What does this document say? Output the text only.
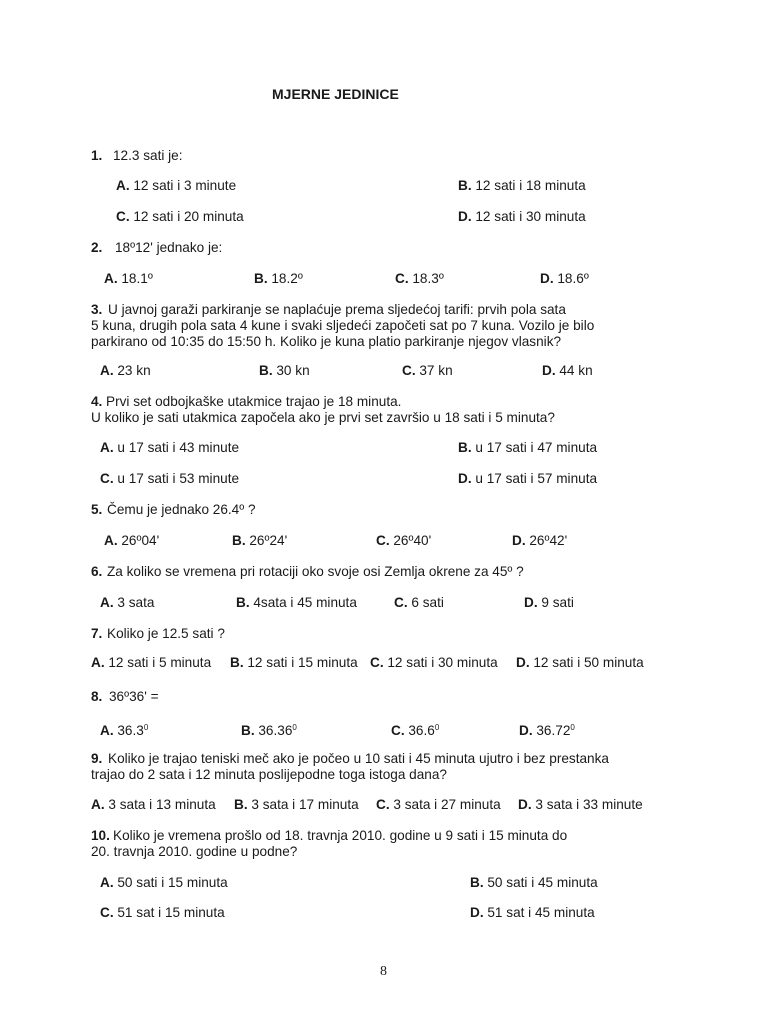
MJERNE JEDINICE
8
1. 12.3 sati je:
A. 12 sati i 3 minute	B. 12 sati i 18 minuta
C. 12 sati i 20 minuta	D. 12 sati i 30 minuta
2. 18º12' jednako je:
A. 18.1º	B. 18.2º	C. 18.3º	D. 18.6º
3. U javnoj garaži parkiranje se naplaćuje prema sljedećoj tarifi: prvih pola sata
5 kuna, drugih pola sata 4 kune i svaki sljedeći započeti sat po 7 kuna. Vozilo je bilo
parkirano od 10:35 do 15:50 h. Koliko je kuna platio parkiranje njegov vlasnik?
A. 23 kn	B. 30 kn	C. 37 kn	D. 44 kn
4. Prvi set odbojkaške utakmice trajao je 18 minuta.
U koliko je sati utakmica započela ako je prvi set završio u 18 sati i 5 minuta?
A. u 17 sati i 43 minute	B. u 17 sati i 47 minuta
C. u 17 sati i 53 minute	D. u 17 sati i 57 minuta
5. Čemu je jednako 26.4º ?
A. 26º04'	B. 26º24'	C. 26º40'	D. 26º42'
6. Za koliko se vremena pri rotaciji oko svoje osi Zemlja okrene za 45º ?
A. 3 sata	B. 4sata i 45 minuta	C. 6 sati	D. 9 sati
7. Koliko je 12.5 sati ?
A. 12 sati i 5 minuta B. 12 sati i 15 minuta C. 12 sati i 30 minuta D. 12 sati i 50 minuta
8. 36º36' =
A. 36.3$^0$	B. 36.36$^0$	C. 36.6$^0$	D. 36.72$^0$
9. Koliko je trajao teniski meč ako je počeo u 10 sati i 45 minuta ujutro i bez prestanka
trajao do 2 sata i 12 minuta poslijepodne toga istoga dana?
A. 3 sata i 13 minuta B. 3 sata i 17 minuta C. 3 sata i 27 minuta D. 3 sata i 33 minute
10. Koliko je vremena prošlo od 18. travnja 2010. godine u 9 sati i 15 minuta do
20. travnja 2010. godine u podne?
A. 50 sati i 15 minuta	B. 50 sati i 45 minuta
C. 51 sat i 15 minuta	D. 51 sat i 45 minuta
